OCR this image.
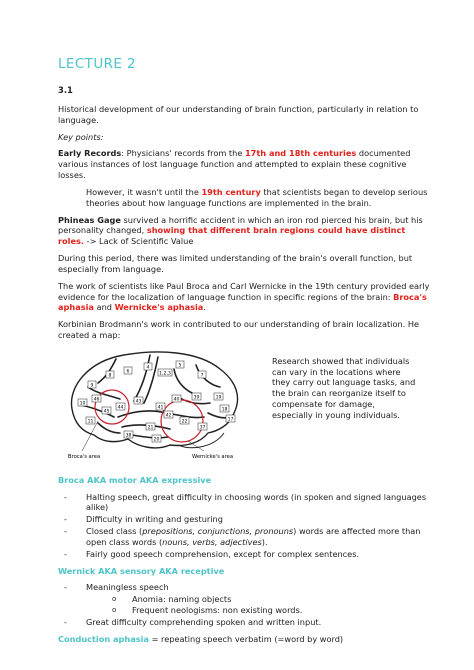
LECTURE 2
3.1

Historical development of our understanding of brain function, particularly in relation to language.

Key points:

Early Records: Physicians' records from the 17th and 18th centuries documented various instances of lost language function and attempted to explain these cognitive losses.

However, it wasn't until the 19th century that scientists began to develop serious theories about how language functions are implemented in the brain.

Phineas Gage survived a horrific accident in which an iron rod pierced his brain, but his personality changed, showing that different brain regions could have distinct roles. -> Lack of Scientific Value

During this period, there was limited understanding of the brain's overall function, but especially from language.

The work of scientists like Paul Broca and Carl Wernicke in the 19th century provided early evidence for the localization of language function in specific regions of the brain: Broca's aphasia and Wernicke's aphasia.

Korbinian Brodmann's work in contributed to our understanding of brain localization. He created a map:

4
6
8
9
1,2,3
5
7
10
46
45
44
43	40	39
41
42
22
19
18
17
11
38
21	37
20
Broca's area	Wernicke's area

Research showed that individuals can vary in the locations where they carry out language tasks, and the brain can reorganize itself to compensate for damage, especially in young individuals.

Broca AKA motor AKA expressive

- Halting speech, great difficulty in choosing words (in spoken and signed languages alike)
- Difficulty in writing and gesturing
- Closed class (prepositions, conjunctions, pronouns) words are affected more than open class words (nouns, verbs, adjectives).
- Fairly good speech comprehension, except for complex sentences.

Wernick AKA sensory AKA receptive

- Meaningless speech
o Anomia: naming objects
o Frequent neologisms: non existing words.
- Great difficulty comprehending spoken and written input.

Conduction aphasia = repeating speech verbatim (=word by word)
